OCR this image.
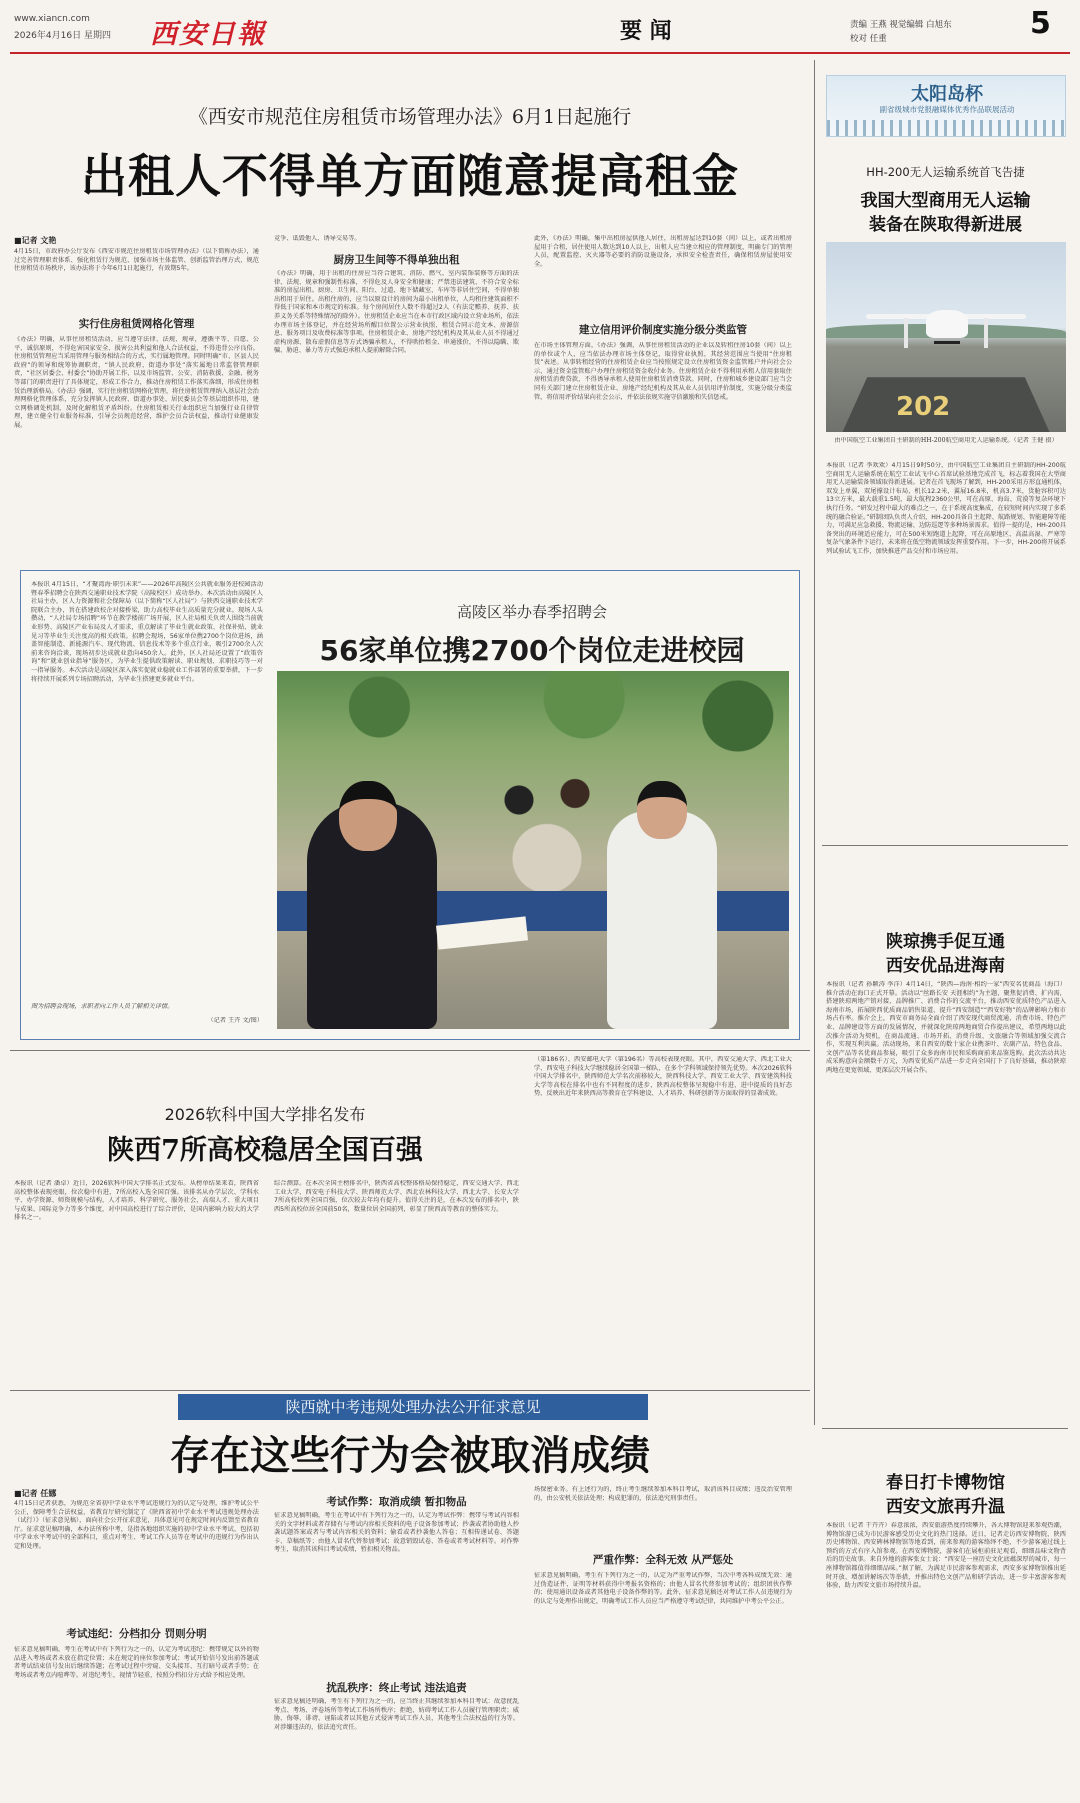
www.xiancn.com
2026年4月16日 星期四 西安日報	要 闻	责编 王燕 视觉编辑 白旭东
校对 任重	5
《西安市规范住房租赁市场管理办法》6月1日起施行
出租人不得单方面随意提高租金
■记者 文艳
4月15日，市政府办公厅发布《西安市规范住房租赁市场管理办法》（以下简称办法），通过完善管理职责体系、强化租赁行为规范、加强市场主体监管、创新监管治理方式，规范住房租赁市场秩序，该办法将于今年6月1日起施行，有效期5年。
实行住房租赁网格化管理
《办法》明确，从事住房租赁活动，应当遵守法律、法规、规章，遵循平等、自愿、公平、诚信原则，不得危害国家安全、损害公共利益和他人合法权益，不得违背公序良俗。住房租赁管理应当采用管理与服务相结合的方式，实行属地管理。同时明确“市、区县人民政府”的领导和统筹协调职责，“镇人民政府、街道办事处”落实属地日常监督管理职责，“社区居委会、村委会”协助开展工作，以及市场监管、公安、消防救援、金融、税务等部门的职责进行了具体规定，形成工作合力，推动住房租赁工作落实落细，形成住房租赁治理新格局。《办法》强调，实行住房租赁网格化管理，将住房租赁管理纳入基层社会治理网格化管理体系，充分发挥镇人民政府、街道办事处、居民委员会等基层组织作用，建立网格调处机制，及时化解租赁矛盾纠纷。住房租赁相关行业组织应当加强行业自律管理，建立健全行业服务标准，引导会员规范经营，维护会员合法权益，推动行业健康发展。
竞争、诋毁他人、诱导交易等。
厨房卫生间等不得单独出租
《办法》明确，用于出租的住房应当符合建筑、消防、燃气、室内装饰装修等方面的法律、法规、规章和强制性标准，不得危及人身安全和健康；严禁违法建筑、不符合安全标准的房屋出租。厨房、卫生间、阳台、过道、地下储藏室、车库等非居住空间，不得单独出租用于居住。出租住房的，应当以原设计的房间为最小出租单位，人均租住建筑面积不得低于国家和本市规定的标准。每个房间居住人数不得超过2人（有法定赡养、抚养、扶养义务关系等特殊情况的除外）。住房租赁企业应当在本市行政区域内设立营业场所，依法办理市场主体登记，并在经营场所醒目位置公示营业执照、租赁合同示范文本、房源信息、服务项目及收费标准等事项。住房租赁企业、房地产经纪机构及其从业人员不得通过虚构房源、散布虚假信息等方式诱骗承租人，不得哄抬租金、串通涨价，不得以隐瞒、欺骗、胁迫、暴力等方式强迫承租人提前解除合同。
此外，《办法》明确，集中出租房屋供他人居住，出租房屋达到10套（间）以上，或者出租房屋用于合租，居住使用人数达到10人以上，出租人应当建立相应的管理制度，明确专门的管理人员，配置监控、灭火器等必要的消防设施设备，承担安全检查责任，确保租赁房屋使用安全。
建立信用评价制度实施分级分类监管
在市场主体管理方面，《办法》强调，从事住房租赁活动的企业以及转租住房10套（间）以上的单位或个人，应当依法办理市场主体登记，取得营业执照，其经营范围应当使用“住房租赁”表述。从事转租经营的住房租赁企业应当按照规定设立住房租赁资金监管账户并向社会公示，通过资金监管账户办理住房租赁资金收付业务。住房租赁企业不得利用承租人信用套取住房租赁消费贷款，不得诱导承租人使用住房租赁消费贷款。同时，住房和城乡建设部门应当会同有关部门建立住房租赁企业、房地产经纪机构及其从业人员信用评价制度，实施分级分类监管，将信用评价结果向社会公示，并依法依规实施守信激励和失信惩戒。
太阳岛杯
副省级城市党报融媒体优秀作品联展活动
HH-200无人运输系统首飞告捷
我国大型商用无人运输
装备在陕取得新进展
202
由中国航空工业集团自主研制的HH-200航空商用无人运输系统。（记者 王健 摄）
本报讯（记者 李欢欢）4月15日9时50分，由中国航空工业集团自主研制的HH-200航空商用无人运输系统在航空工业试飞中心首席试验基地完成首飞，标志着我国在大型商用无人运输装备领域取得新进展。记者在首飞现场了解到，HH-200采用方形直通机体，双发上单翼，双尾撑设计布局，机长12.2米，翼展16.8米，机高3.7米，货舱容积可达13立方米，最大载重1.5吨，最大航程2360公里，可在高原、海岛、荒漠等复杂环境下执行任务。“研发过程中最大的难点之一，在于系统高度集成，在较短时间内实现了多系统的融合验证。”研制团队负责人介绍，HH-200具备自主起降、航路规划、智能避障等能力，可满足应急救援、物流运输、边防巡逻等多种场景需求。值得一提的是，HH-200具备突出的环境适应能力，可在500米短跑道上起降，可在高原地区、高温高湿、严寒等复杂气象条件下运行，未来将在低空物流领域发挥重要作用。下一步，HH-200将开展系列试验试飞工作，加快推进产品交付和市场应用。
本报讯 4月15日，“才聚湾海·职引未来”——2026年高陵区公共就业服务进校园活动暨春季招聘会在陕西交通职业技术学院（高陵校区）成功举办。本次活动由高陵区人社局主办，区人力资源和社会保障局（以下简称“区人社局”）与陕西交通职业技术学院联合主办，旨在搭建政校企对接桥梁，助力高校毕业生高质量充分就业。现场人头攒动，“人社局专场招聘”环节在教学楼前广场开展，区人社局相关负责人围绕当前就业形势、高陵区产业布局及人才需求，重点解读了毕业生就业政策、社保补贴、就业见习等毕业生关注度高的相关政策。招聘会现场，56家单位携2700个岗位进场，涵盖智能制造、新能源汽车、现代物流、信息技术等多个重点行业，吸引2700余人次前来咨询洽谈，现场初步达成就业意向450余人。此外，区人社局还设置了“政策咨询”和“就业创业指导”服务区，为毕业生提供政策解读、职业规划、求职技巧等一对一指导服务。本次活动是高陵区深入落实促就业稳就业工作部署的重要举措，下一步将持续开展系列专场招聘活动，为毕业生搭建更多就业平台。
图为招聘会现场，求职者向工作人员了解相关详情。
（记者 王卉 文/图）
高陵区举办春季招聘会
56家单位携2700个岗位走进校园
2026软科中国大学排名发布
陕西7所高校稳居全国百强
本报讯（记者 潘卓）近日，2026软科中国大学排名正式发布。从榜单结果来看，陕西省高校整体表现亮眼，位次稳中有进，7所高校入选全国百强。该排名从办学层次、学科水平、办学资源、师资规模与结构、人才培养、科学研究、服务社会、高端人才、重大项目与成果、国际竞争力等多个维度，对中国高校进行了综合评价，是国内影响力较大的大学排名之一。
综合测算。在本次全国主榜排名中，陕西省高校整体格局保持稳定，西安交通大学、西北工业大学、西安电子科技大学、陕西师范大学、西北农林科技大学、西北大学、长安大学7所高校位列全国百强，位次较去年均有提升。值得关注的是，在本次发布的排名中，陕西5所高校位居全国前50名，数量位居全国前列，彰显了陕西高等教育的整体实力。
（第186名）、西安邮电大学（第196名）等高校表现亮眼。其中，西安交通大学、西北工业大学、西安电子科技大学继续稳居全国第一梯队，在多个学科领域保持领先优势。本次2026软科中国大学排名中，陕西师范大学名次前移较大，陕西科技大学、西安工业大学、西安建筑科技大学等高校在排名中也有不同程度的进步，陕西高校整体呈现稳中有进、进中提质的良好态势，反映出近年来陕西高等教育在学科建设、人才培养、科研创新等方面取得的显著成效。
陕琼携手促互通
西安优品进海南
本报讯（记者 孙颖涛 李洋）4月14日，“陕西—海南·相约一家”西安名优商品（海口）推介活动在海口正式开幕。活动以“丝路长安 天涯相约”为主题，聚焦促消费、扩内需，搭建陕琼两地产销对接、品牌推广、消费合作的交流平台，推动西安优质特色产品进入海南市场，拓展陕西优质商品销售渠道，提升“西安制造”“西安好物”的品牌影响力和市场占有率。推介会上，西安市商务局全面介绍了西安现代商贸流通、消费市场、特色产业、品牌建设等方面的发展情况，并就深化陕琼两地商贸合作提出建议，希望两地以此次推介活动为契机，在商品流通、市场开拓、消费升级、文旅融合等领域加强交流合作，实现互利共赢。活动现场，来自西安的数十家企业携茶叶、农副产品、特色食品、文创产品等名优商品参展，吸引了众多海南市民和采购商前来品鉴选购。此次活动共达成采购意向金额数千万元，为西安优质产品进一步走向全国打下了良好基础，推动陕琼两地在更宽领域、更深层次开展合作。
陕西就中考违规处理办法公开征求意见
存在这些行为会被取消成绩
■记者 任娜
4月15日记者获悉，为规范全省初中学业水平考试违规行为的认定与处理，维护考试公平公正，保障考生合法权益，省教育厅研究制定了《陕西省初中学业水平考试违规处理办法（试行）》（征求意见稿），面向社会公开征求意见，具体意见可在规定时间内反馈至省教育厅。征求意见稿明确，本办法所称中考，是指各地组织实施的初中学业水平考试，包括初中学业水平考试中的全部科目，重点对考生、考试工作人员等在考试中的违规行为作出认定和处理。
考试违纪：分档扣分 罚则分明
征求意见稿明确，考生在考试中有下列行为之一的，认定为考试违纪：携带规定以外的物品进入考场或者未放在指定位置；未在规定的座位参加考试；考试开始信号发出前答题或者考试结束信号发出后继续答题；在考试过程中旁窥、交头接耳、互打暗号或者手势；在考场或者考点内喧哗等。对违纪考生，视情节轻重，按照分档扣分方式给予相应处理。
考试作弊：取消成绩 暂扣物品
征求意见稿明确，考生在考试中有下列行为之一的，认定为考试作弊：携带与考试内容相关的文字材料或者存储有与考试内容相关资料的电子设备参加考试；抄袭或者协助他人抄袭试题答案或者与考试内容相关的资料；偷看或者抄袭他人答卷；互相传递试卷、答题卡、草稿纸等；由他人冒名代替参加考试；故意销毁试卷、答卷或者考试材料等。对作弊考生，取消其该科目考试成绩，暂扣相关物品。
扰乱秩序：终止考试 违法追责
征求意见稿还明确，考生有下列行为之一的，应当终止其继续参加本科目考试：故意扰乱考点、考场、评卷场所等考试工作场所秩序；拒绝、妨碍考试工作人员履行管理职责；威胁、侮辱、诽谤、诬陷或者以其他方式侵害考试工作人员、其他考生合法权益的行为等。对涉嫌违法的，依法追究责任。
场保密业务。有上述行为的，终止考生继续参加本科目考试，取消该科目成绩；违反治安管理的，由公安机关依法处理；构成犯罪的，依法追究刑事责任。
严重作弊：全科无效 从严惩处
征求意见稿明确，考生有下列行为之一的，认定为严重考试作弊，当次中考各科成绩无效：通过伪造证件、证明等材料获得中考报名资格的；由他人冒名代替参加考试的；组织团伙作弊的；使用通讯设备或者其他电子设备作弊的等。此外，征求意见稿还对考试工作人员违规行为的认定与处理作出规定，明确考试工作人员应当严格遵守考试纪律，共同维护中考公平公正。
春日打卡博物馆
西安文旅再升温
本报讯（记者 干卉卉）春意浓浓，西安旅游热度持续攀升，各大博物馆迎来参观热潮，博物馆游已成为市民游客感受历史文化的热门选择。近日，记者走访西安博物院、陕西历史博物馆、西安碑林博物馆等地看到，前来参观的游客络绎不绝，不少游客通过线上预约的方式有序入馆参观。在西安博物院，游客们在展柜前驻足观看，细细品味文物背后的历史故事。来自外地的游客张女士说：“西安是一座历史文化底蕴深厚的城市，每一座博物馆都值得细细品味。”据了解，为满足市民游客参观需求，西安多家博物馆推出延时开放、增加讲解场次等举措，并推出特色文创产品和研学活动，进一步丰富游客参观体验，助力西安文旅市场持续升温。
